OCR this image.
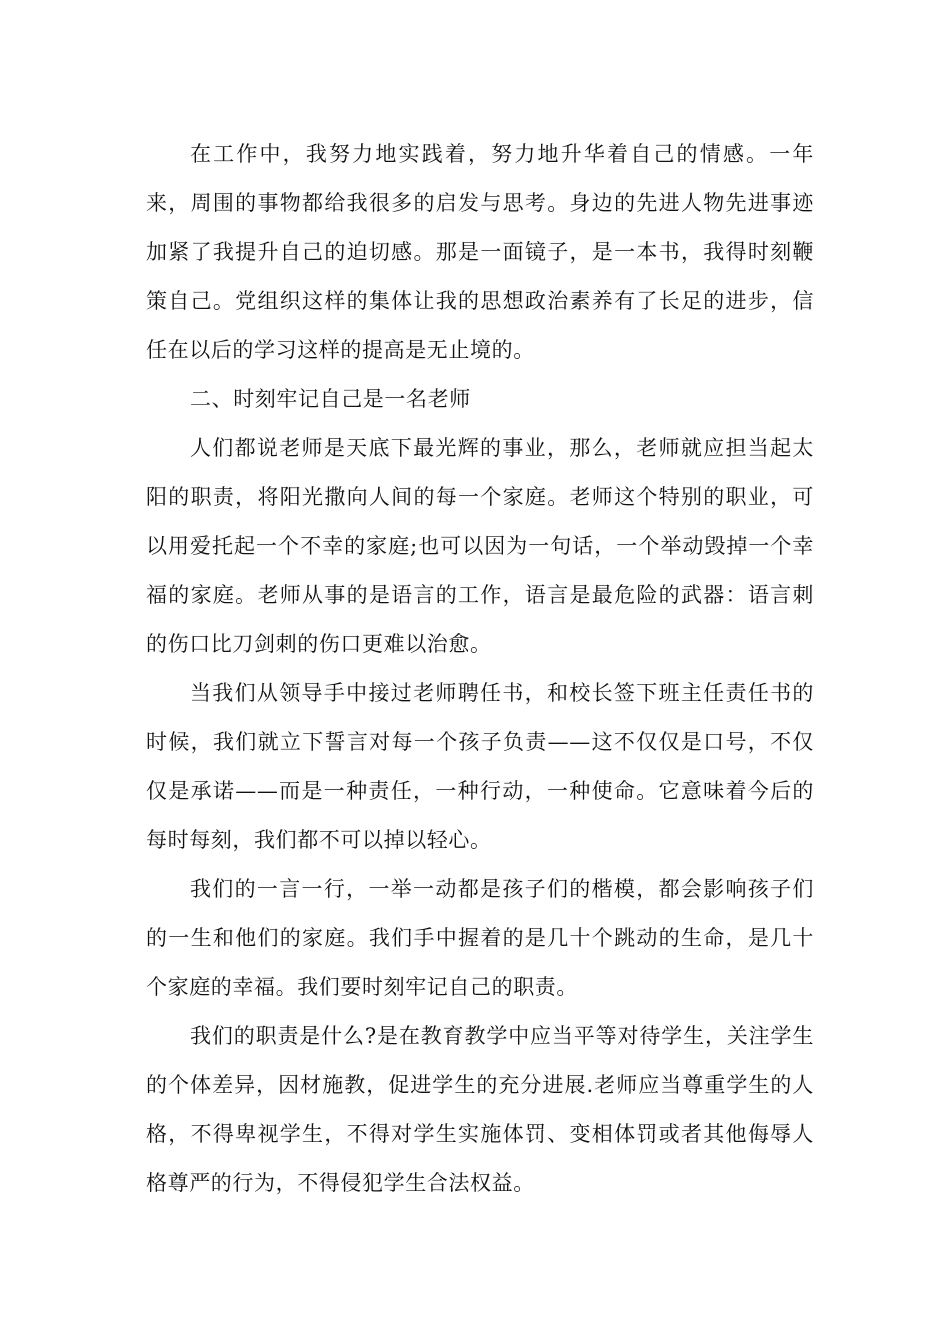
在工作中，我努力地实践着，努力地升华着自己的情感。一年来，周围的事物都给我很多的启发与思考。身边的先进人物先进事迹加紧了我提升自己的迫切感。那是一面镜子，是一本书，我得时刻鞭策自己。党组织这样的集体让我的思想政治素养有了长足的进步，信任在以后的学习这样的提高是无止境的。

二、时刻牢记自己是一名老师

人们都说老师是天底下最光辉的事业，那么，老师就应担当起太阳的职责，将阳光撒向人间的每一个家庭。老师这个特别的职业，可以用爱托起一个不幸的家庭;也可以因为一句话，一个举动毁掉一个幸福的家庭。老师从事的是语言的工作，语言是最危险的武器：语言刺的伤口比刀剑刺的伤口更难以治愈。

当我们从领导手中接过老师聘任书，和校长签下班主任责任书的时候，我们就立下誓言对每一个孩子负责——这不仅仅是口号，不仅仅是承诺——而是一种责任，一种行动，一种使命。它意味着今后的每时每刻，我们都不可以掉以轻心。

我们的一言一行，一举一动都是孩子们的楷模，都会影响孩子们的一生和他们的家庭。我们手中握着的是几十个跳动的生命，是几十个家庭的幸福。我们要时刻牢记自己的职责。

我们的职责是什么?是在教育教学中应当平等对待学生，关注学生的个体差异，因材施教，促进学生的充分进展.老师应当尊重学生的人格，不得卑视学生，不得对学生实施体罚、变相体罚或者其他侮辱人格尊严的行为，不得侵犯学生合法权益。
